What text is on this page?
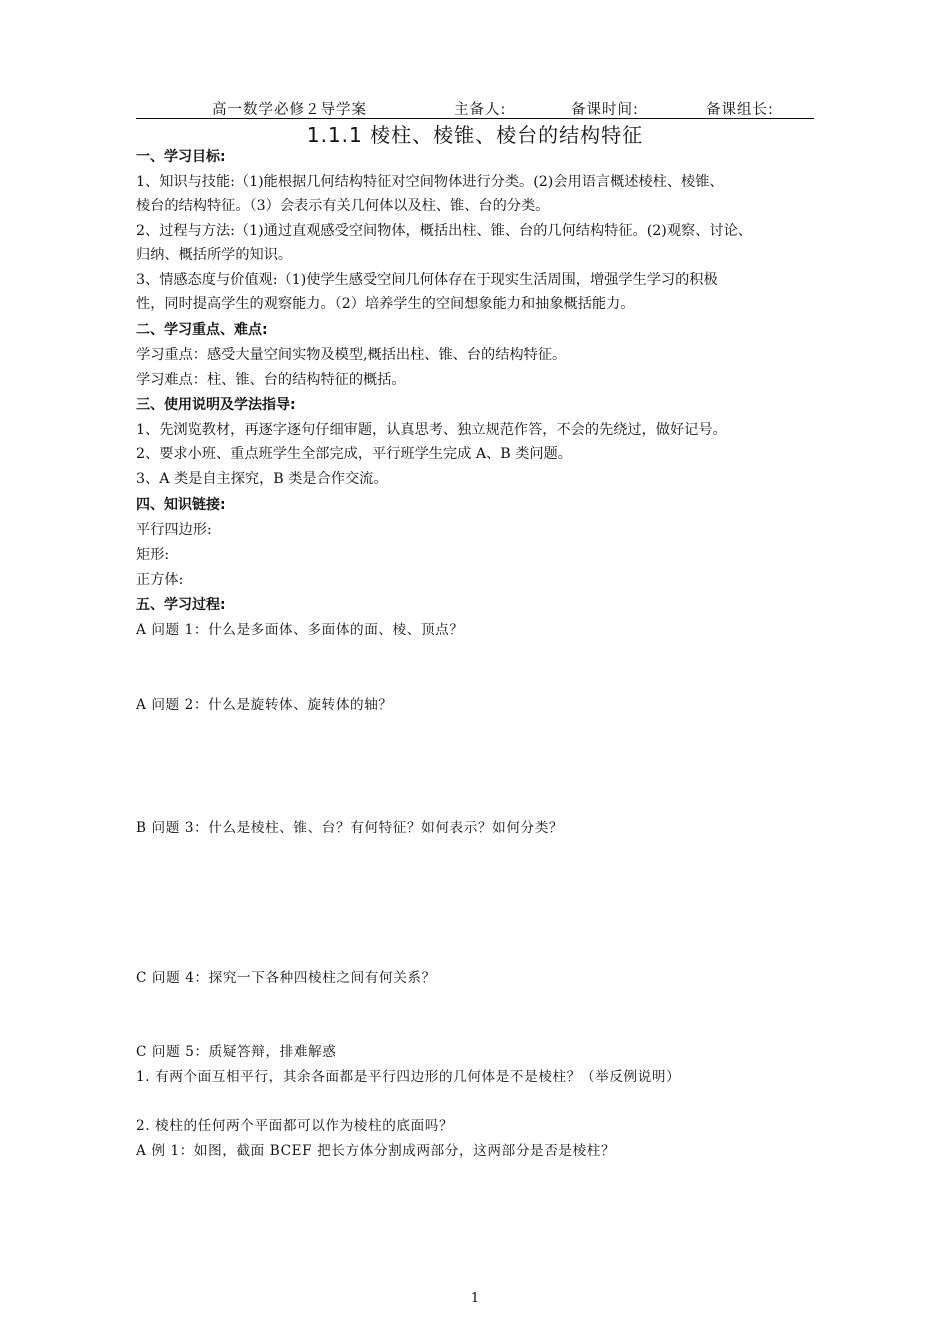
高一数学必修２导学案	主备人:	备课时间:	备课组长:
1.1.1 棱柱、棱锥、棱台的结构特征
一、学习目标:
1、知识与技能:（1)能根据几何结构特征对空间物体进行分类。(2)会用语言概述棱柱、棱锥、
棱台的结构特征。（3）会表示有关几何体以及柱、锥、台的分类。
2、过程与方法:（1)通过直观感受空间物体，概括出柱、锥、台的几何结构特征。(2)观察、讨论、
归纳、概括所学的知识。
3、情感态度与价值观:（1)使学生感受空间几何体存在于现实生活周围，增强学生学习的积极
性，同时提高学生的观察能力。（2）培养学生的空间想象能力和抽象概括能力。
二、学习重点、难点:
学习重点：感受大量空间实物及模型,概括出柱、锥、台的结构特征。
学习难点：柱、锥、台的结构特征的概括。
三、使用说明及学法指导:
1、先浏览教材，再逐字逐句仔细审题，认真思考、独立规范作答，不会的先绕过，做好记号。
2、要求小班、重点班学生全部完成，平行班学生完成 A、B 类问题。
3、A 类是自主探究，B 类是合作交流。
四、知识链接:
平行四边形:
矩形:
正方体:
五、学习过程:
A 问题 1：什么是多面体、多面体的面、棱、顶点？
A 问题 2：什么是旋转体、旋转体的轴？
B 问题 3：什么是棱柱、锥、台？有何特征？如何表示？如何分类？
C 问题 4：探究一下各种四棱柱之间有何关系？
C 问题 5：质疑答辩，排难解惑
1. 有两个面互相平行，其余各面都是平行四边形的几何体是不是棱柱？（举反例说明）
2. 棱柱的任何两个平面都可以作为棱柱的底面吗？
A 例 1：如图，截面 BCEF 把长方体分割成两部分，这两部分是否是棱柱？
1
